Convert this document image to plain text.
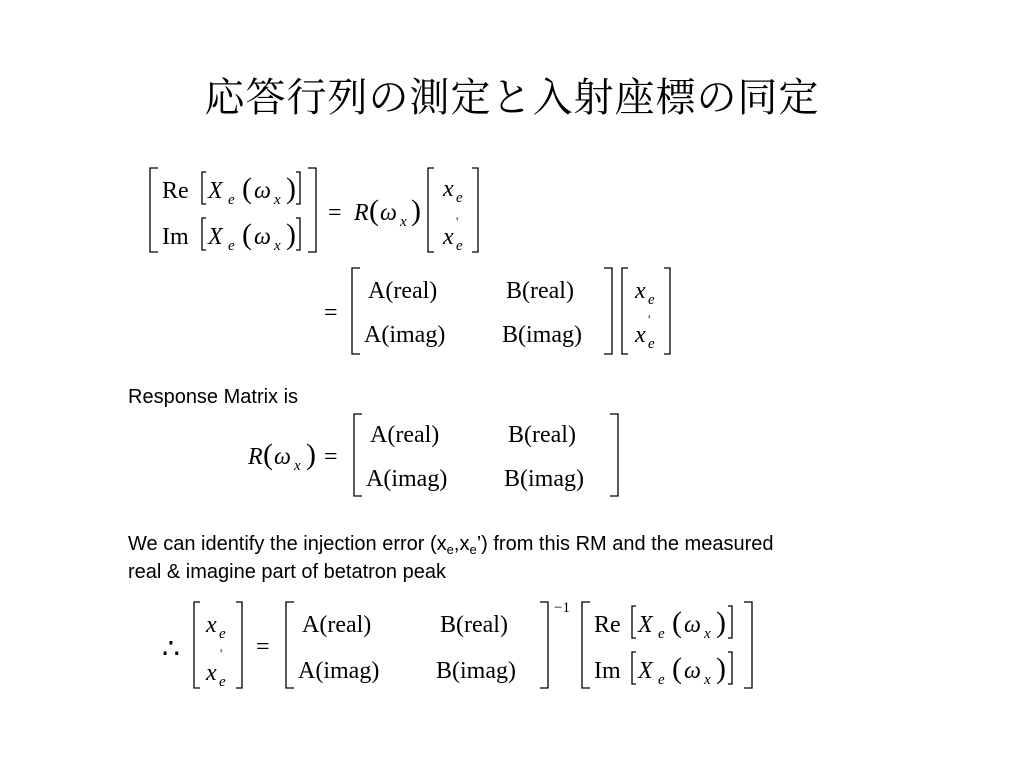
応答行列の測定と入射座標の同定
Re X e ( ω x )
Im X e ( ω x )
= R ( ω x )
x e
'
x e
=
A(real)	B(real)
A(imag) B(imag)
x e
'
x e
Response Matrix is
R ( ω x ) =
A(real)	B(real)
A(imag) B(imag)
We can identify the injection error $(x_e,x_e’)$ from this RM and the measured
real & imagine part of betatron peak
∴
x e
'
x e
=
A(real)	B(real)
A(imag) B(imag)
−1
Re X e ( ω x )
Im X e ( ω x )
